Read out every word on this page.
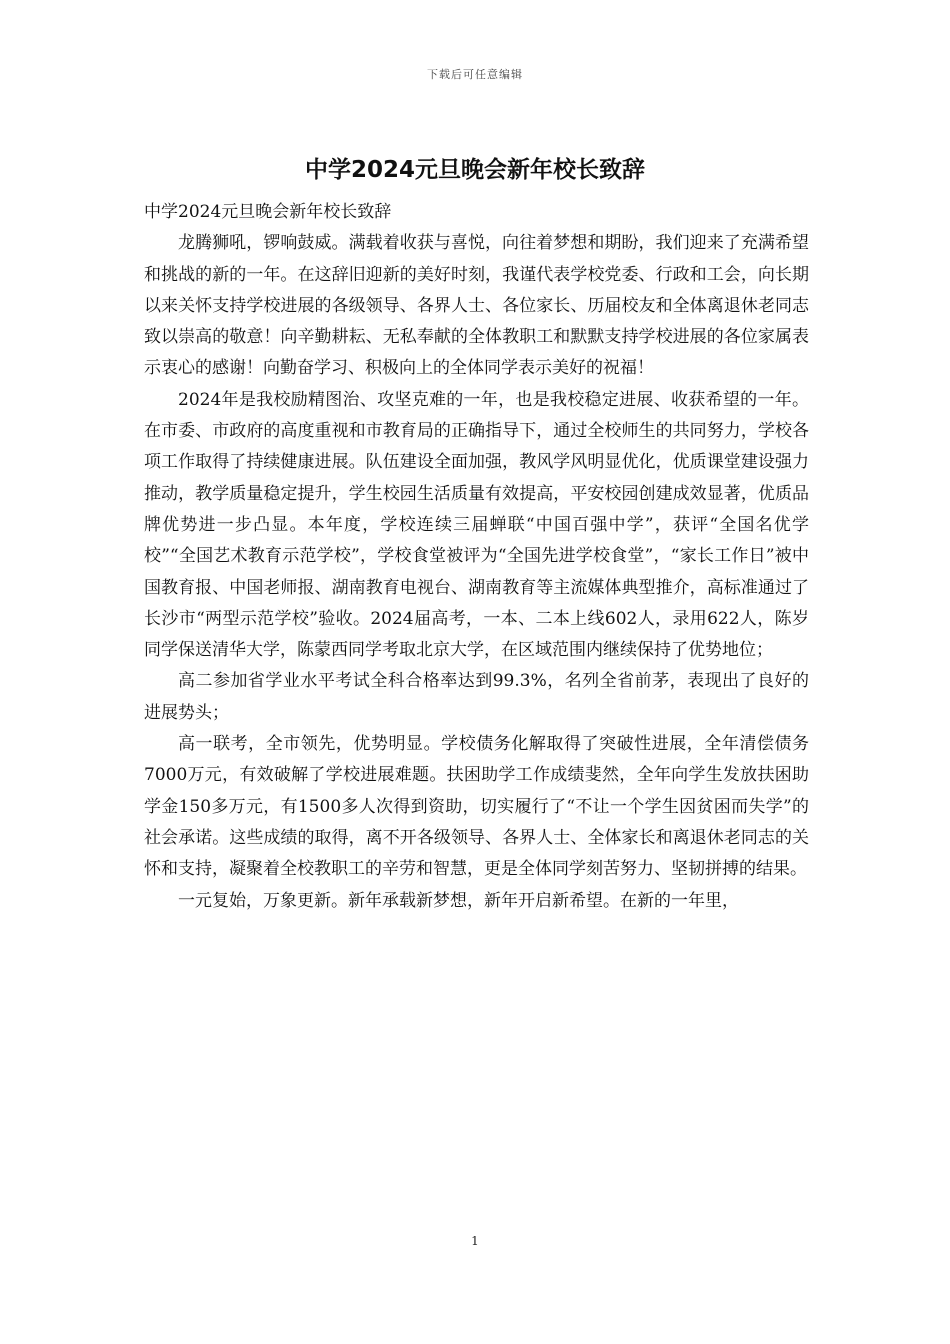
下载后可任意编辑
中学2024元旦晚会新年校长致辞

中学2024元旦晚会新年校长致辞

龙腾狮吼，锣响鼓威。满载着收获与喜悦，向往着梦想和期盼，我们迎来了充满希望和挑战的新的一年。在这辞旧迎新的美好时刻，我谨代表学校党委、行政和工会，向长期以来关怀支持学校进展的各级领导、各界人士、各位家长、历届校友和全体离退休老同志致以崇高的敬意！向辛勤耕耘、无私奉献的全体教职工和默默支持学校进展的各位家属表示衷心的感谢！向勤奋学习、积极向上的全体同学表示美好的祝福！

2024年是我校励精图治、攻坚克难的一年，也是我校稳定进展、收获希望的一年。在市委、市政府的高度重视和市教育局的正确指导下，通过全校师生的共同努力，学校各项工作取得了持续健康进展。队伍建设全面加强，教风学风明显优化，优质课堂建设强力推动，教学质量稳定提升，学生校园生活质量有效提高，平安校园创建成效显著，优质品牌优势进一步凸显。本年度，学校连续三届蝉联“中国百强中学”，获评“全国名优学校”“全国艺术教育示范学校”，学校食堂被评为“全国先进学校食堂”，“家长工作日”被中国教育报、中国老师报、湖南教育电视台、湖南教育等主流媒体典型推介，高标准通过了长沙市“两型示范学校”验收。2024届高考，一本、二本上线602人，录用622人，陈岁同学保送清华大学，陈蒙西同学考取北京大学，在区域范围内继续保持了优势地位；

高二参加省学业水平考试全科合格率达到99.3%，名列全省前茅，表现出了良好的进展势头；

高一联考，全市领先，优势明显。学校债务化解取得了突破性进展，全年清偿债务7000万元，有效破解了学校进展难题。扶困助学工作成绩斐然，全年向学生发放扶困助学金150多万元，有1500多人次得到资助，切实履行了“不让一个学生因贫困而失学”的社会承诺。这些成绩的取得，离不开各级领导、各界人士、全体家长和离退休老同志的关怀和支持，凝聚着全校教职工的辛劳和智慧，更是全体同学刻苦努力、坚韧拼搏的结果。

一元复始，万象更新。新年承载新梦想，新年开启新希望。在新的一年里，

1
